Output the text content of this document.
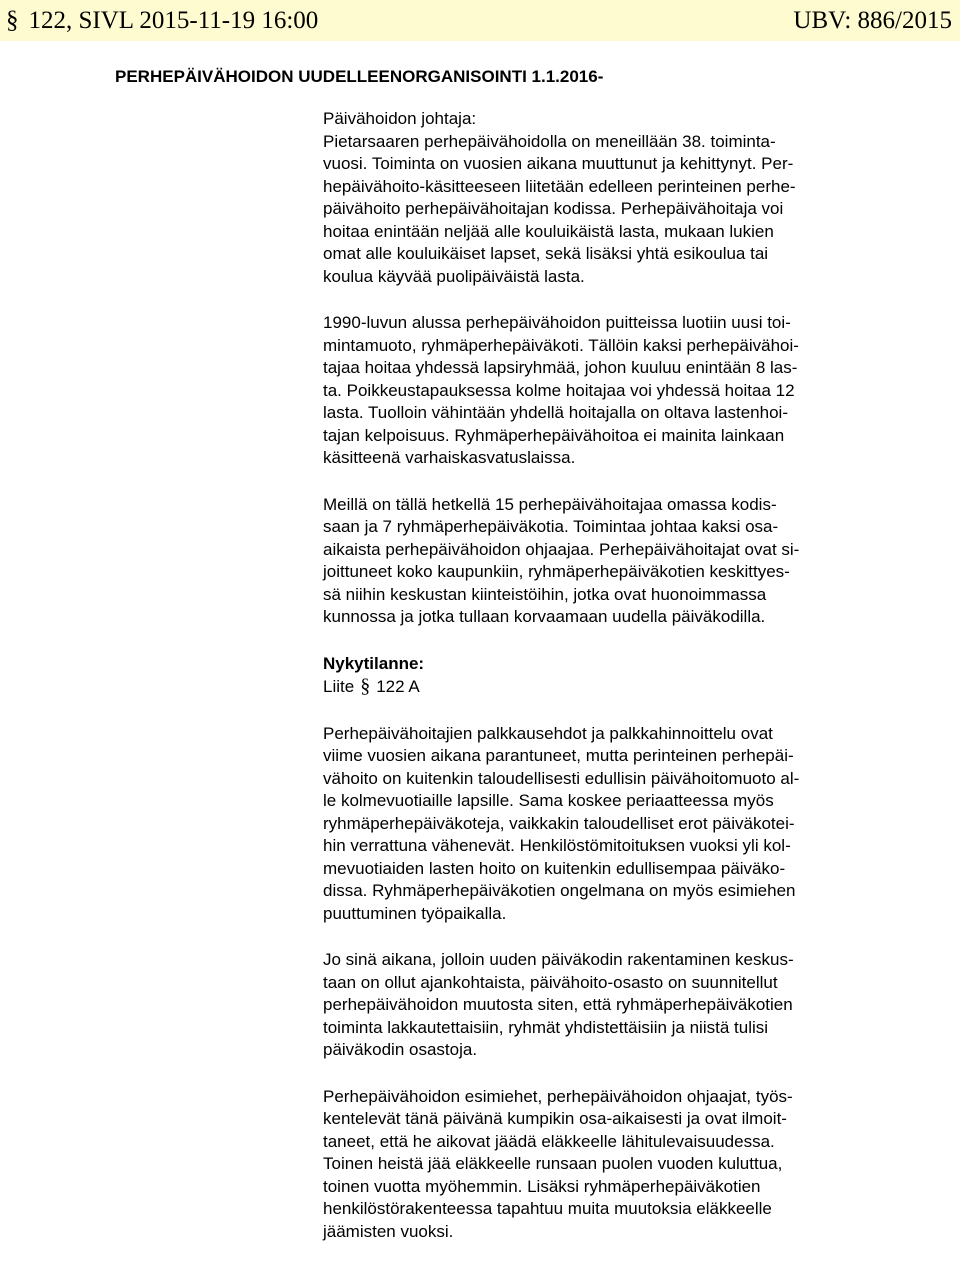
§ 122, SIVL 2015-11-19 16:00	UBV: 886/2015
PERHEPÄIVÄHOIDON UUDELLEENORGANISOINTI 1.1.2016-
Päivähoidon johtaja:
Pietarsaaren perhepäivähoidolla on meneillään 38. toiminta-
vuosi. Toiminta on vuosien aikana muuttunut ja kehittynyt. Per-
hepäivähoito-käsitteeseen liitetään edelleen perinteinen perhe-
päivähoito perhepäivähoitajan kodissa. Perhepäivähoitaja voi
hoitaa enintään neljää alle kouluikäistä lasta, mukaan lukien
omat alle kouluikäiset lapset, sekä lisäksi yhtä esikoulua tai
koulua käyvää puolipäiväistä lasta.
1990-luvun alussa perhepäivähoidon puitteissa luotiin uusi toi-
mintamuoto, ryhmäperhepäiväkoti. Tällöin kaksi perhepäivähoi-
tajaa hoitaa yhdessä lapsiryhmää, johon kuuluu enintään 8 las-
ta. Poikkeustapauksessa kolme hoitajaa voi yhdessä hoitaa 12
lasta. Tuolloin vähintään yhdellä hoitajalla on oltava lastenhoi-
tajan kelpoisuus. Ryhmäperhepäivähoitoa ei mainita lainkaan
käsitteenä varhaiskasvatuslaissa.
Meillä on tällä hetkellä 15 perhepäivähoitajaa omassa kodis-
saan ja 7 ryhmäperhepäiväkotia. Toimintaa johtaa kaksi osa-
aikaista perhepäivähoidon ohjaajaa. Perhepäivähoitajat ovat si-
joittuneet koko kaupunkiin, ryhmäperhepäiväkotien keskittyes-
sä niihin keskustan kiinteistöihin, jotka ovat huonoimmassa
kunnossa ja jotka tullaan korvaamaan uudella päiväkodilla.
Nykytilanne:
Liite § 122 A
Perhepäivähoitajien palkkausehdot ja palkkahinnoittelu ovat
viime vuosien aikana parantuneet, mutta perinteinen perhepäi-
vähoito on kuitenkin taloudellisesti edullisin päivähoitomuoto al-
le kolmevuotiaille lapsille. Sama koskee periaatteessa myös
ryhmäperhepäiväkoteja, vaikkakin taloudelliset erot päiväkotei-
hin verrattuna vähenevät. Henkilöstömitoituksen vuoksi yli kol-
mevuotiaiden lasten hoito on kuitenkin edullisempaa päiväko-
dissa. Ryhmäperhepäiväkotien ongelmana on myös esimiehen
puuttuminen työpaikalla.
Jo sinä aikana, jolloin uuden päiväkodin rakentaminen keskus-
taan on ollut ajankohtaista, päivähoito-osasto on suunnitellut
perhepäivähoidon muutosta siten, että ryhmäperhepäiväkotien
toiminta lakkautettaisiin, ryhmät yhdistettäisiin ja niistä tulisi
päiväkodin osastoja.
Perhepäivähoidon esimiehet, perhepäivähoidon ohjaajat, työs-
kentelevät tänä päivänä kumpikin osa-aikaisesti ja ovat ilmoit-
taneet, että he aikovat jäädä eläkkeelle lähitulevaisuudessa.
Toinen heistä jää eläkkeelle runsaan puolen vuoden kuluttua,
toinen vuotta myöhemmin. Lisäksi ryhmäperhepäiväkotien
henkilöstörakenteessa tapahtuu muita muutoksia eläkkeelle
jäämisten vuoksi.
